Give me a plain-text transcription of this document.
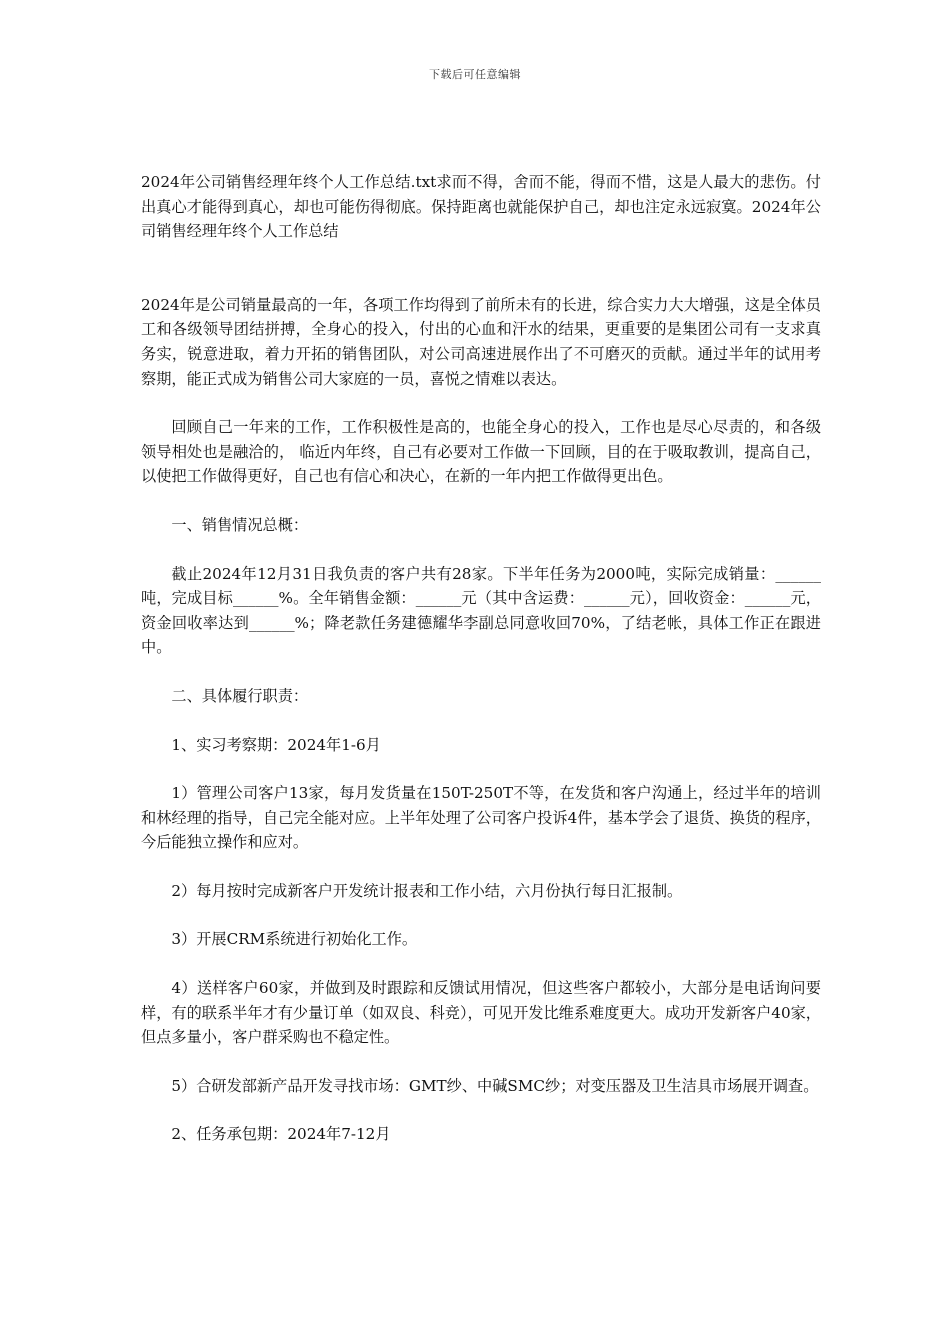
下载后可任意编辑

2024年公司销售经理年终个人工作总结.txt求而不得，舍而不能，得而不惜，这是人最大的悲伤。付出真心才能得到真心，却也可能伤得彻底。保持距离也就能保护自己，却也注定永远寂寞。2024年公司销售经理年终个人工作总结

2024年是公司销量最高的一年，各项工作均得到了前所未有的长进，综合实力大大增强，这是全体员工和各级领导团结拼搏，全身心的投入，付出的心血和汗水的结果，更重要的是集团公司有一支求真务实，锐意进取，着力开拓的销售团队，对公司高速进展作出了不可磨灭的贡献。通过半年的试用考察期，能正式成为销售公司大家庭的一员，喜悦之情难以表达。

回顾自己一年来的工作，工作积极性是高的，也能全身心的投入，工作也是尽心尽责的，和各级领导相处也是融洽的， 临近内年终，自己有必要对工作做一下回顾，目的在于吸取教训，提高自己，以使把工作做得更好，自己也有信心和决心，在新的一年内把工作做得更出色。

一、销售情况总概：

截止2024年12月31日我负责的客户共有28家。下半年任务为2000吨，实际完成销量：______吨，完成目标______%。全年销售金额：______元（其中含运费：______元），回收资金：______元，资金回收率达到______%；降老款任务建德耀华李副总同意收回70%，了结老帐，具体工作正在跟进中。

二、具体履行职责：

1、实习考察期：2024年1-6月

1）管理公司客户13家，每月发货量在150T-250T不等，在发货和客户沟通上，经过半年的培训和林经理的指导，自己完全能对应。上半年处理了公司客户投诉4件，基本学会了退货、换货的程序，今后能独立操作和应对。

2）每月按时完成新客户开发统计报表和工作小结，六月份执行每日汇报制。

3）开展CRM系统进行初始化工作。

4）送样客户60家，并做到及时跟踪和反馈试用情况，但这些客户都较小，大部分是电话询问要样，有的联系半年才有少量订单（如双良、科竞），可见开发比维系难度更大。成功开发新客户40家，但点多量小，客户群采购也不稳定性。

5）合研发部新产品开发寻找市场：GMT纱、中碱SMC纱；对变压器及卫生洁具市场展开调查。

2、任务承包期：2024年7-12月
